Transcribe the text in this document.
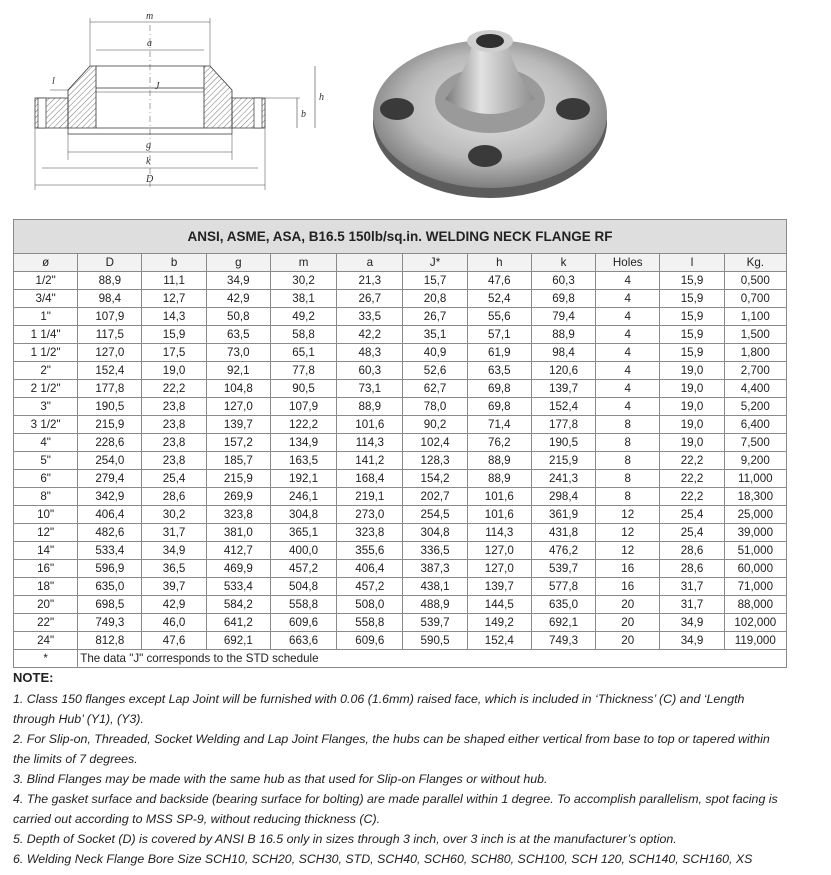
m
a
l	J
h
b
g
k
D
ANSI, ASME, ASA, B16.5 150lb/sq.in. WELDING NECK FLANGE RF											
ø	D	b	g	m	a	J*	h	k	Holes	l	Kg.
1/2"	88,9	11,1	34,9	30,2	21,3	15,7	47,6	60,3	4	15,9	0,500
3/4"	98,4	12,7	42,9	38,1	26,7	20,8	52,4	69,8	4	15,9	0,700
1"	107,9	14,3	50,8	49,2	33,5	26,7	55,6	79,4	4	15,9	1,100
1 1/4"	117,5	15,9	63,5	58,8	42,2	35,1	57,1	88,9	4	15,9	1,500
1 1/2"	127,0	17,5	73,0	65,1	48,3	40,9	61,9	98,4	4	15,9	1,800
2"	152,4	19,0	92,1	77,8	60,3	52,6	63,5	120,6	4	19,0	2,700
2 1/2"	177,8	22,2	104,8	90,5	73,1	62,7	69,8	139,7	4	19,0	4,400
3"	190,5	23,8	127,0	107,9	88,9	78,0	69,8	152,4	4	19,0	5,200
3 1/2"	215,9	23,8	139,7	122,2	101,6	90,2	71,4	177,8	8	19,0	6,400
4"	228,6	23,8	157,2	134,9	114,3	102,4	76,2	190,5	8	19,0	7,500
5"	254,0	23,8	185,7	163,5	141,2	128,3	88,9	215,9	8	22,2	9,200
6"	279,4	25,4	215,9	192,1	168,4	154,2	88,9	241,3	8	22,2	11,000
8"	342,9	28,6	269,9	246,1	219,1	202,7	101,6	298,4	8	22,2	18,300
10"	406,4	30,2	323,8	304,8	273,0	254,5	101,6	361,9	12	25,4	25,000
12"	482,6	31,7	381,0	365,1	323,8	304,8	114,3	431,8	12	25,4	39,000
14"	533,4	34,9	412,7	400,0	355,6	336,5	127,0	476,2	12	28,6	51,000
16"	596,9	36,5	469,9	457,2	406,4	387,3	127,0	539,7	16	28,6	60,000
18"	635,0	39,7	533,4	504,8	457,2	438,1	139,7	577,8	16	31,7	71,000
20"	698,5	42,9	584,2	558,8	508,0	488,9	144,5	635,0	20	31,7	88,000
22"	749,3	46,0	641,2	609,6	558,8	539,7	149,2	692,1	20	34,9	102,000
24"	812,8	47,6	692,1	663,6	609,6	590,5	152,4	749,3	20	34,9	119,000
*	The data "J" corresponds to the STD schedule										
NOTE:

1. Class 150 flanges except Lap Joint will be furnished with 0.06 (1.6mm) raised face, which is included in ‘Thickness’ (C) and ‘Length through Hub’ (Y1), (Y3).

2. For Slip-on, Threaded, Socket Welding and Lap Joint Flanges, the hubs can be shaped either vertical from base to top or tapered within the limits of 7 degrees.

3. Blind Flanges may be made with the same hub as that used for Slip-on Flanges or without hub.

4. The gasket surface and backside (bearing surface for bolting) are made parallel within 1 degree. To accomplish parallelism, spot facing is carried out according to MSS SP-9, without reducing thickness (C).

5. Depth of Socket (D) is covered by ANSI B 16.5 only in sizes through 3 inch, over 3 inch is at the manufacturer’s option.

6. Welding Neck Flange Bore Size SCH10, SCH20, SCH30, STD, SCH40, SCH60, SCH80, SCH100, SCH 120, SCH140, SCH160, XS
